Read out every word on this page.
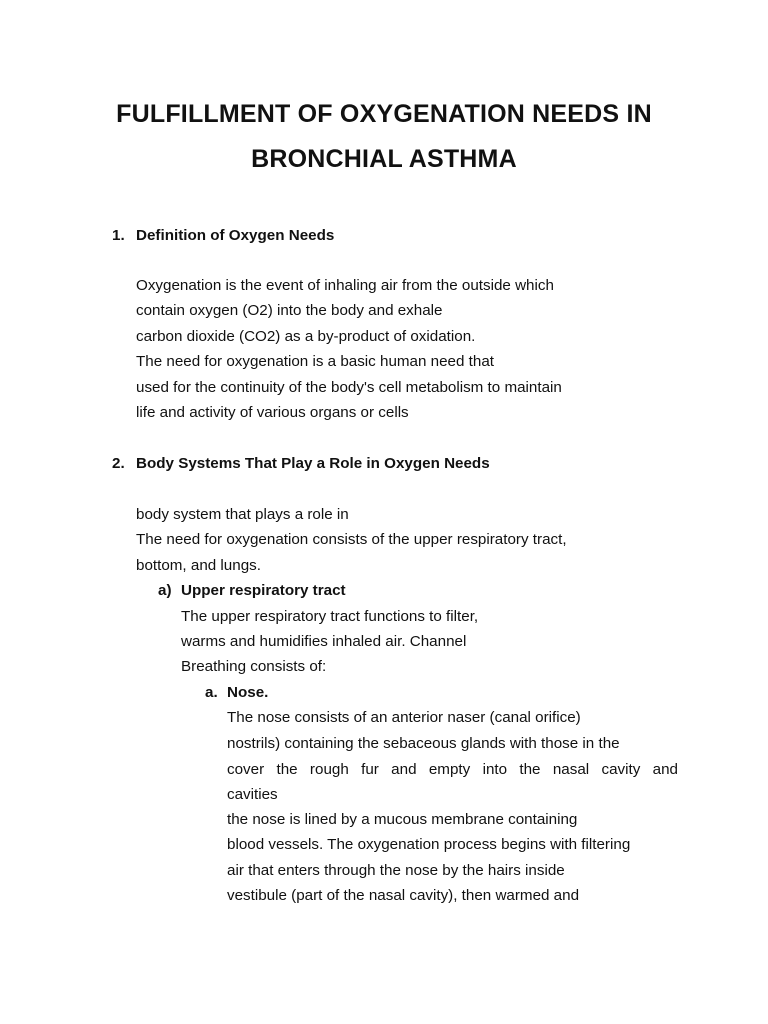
FULFILLMENT OF OXYGENATION NEEDS IN
BRONCHIAL ASTHMA
1. Definition of Oxygen Needs
Oxygenation is the event of inhaling air from the outside which
contain oxygen (O2) into the body and exhale
carbon dioxide (CO2) as a by-product of oxidation.
The need for oxygenation is a basic human need that
used for the continuity of the body's cell metabolism to maintain
life and activity of various organs or cells
2. Body Systems That Play a Role in Oxygen Needs
body system that plays a role in
The need for oxygenation consists of the upper respiratory tract,
bottom, and lungs.
a) Upper respiratory tract
The upper respiratory tract functions to filter,
warms and humidifies inhaled air. Channel
Breathing consists of:
a. Nose.
The nose consists of an anterior naser (canal orifice)
nostrils) containing the sebaceous glands with those in the
cover the rough fur and empty into the nasal cavity and
cavities
the nose is lined by a mucous membrane containing
blood vessels. The oxygenation process begins with filtering
air that enters through the nose by the hairs inside
vestibule (part of the nasal cavity), then warmed and
